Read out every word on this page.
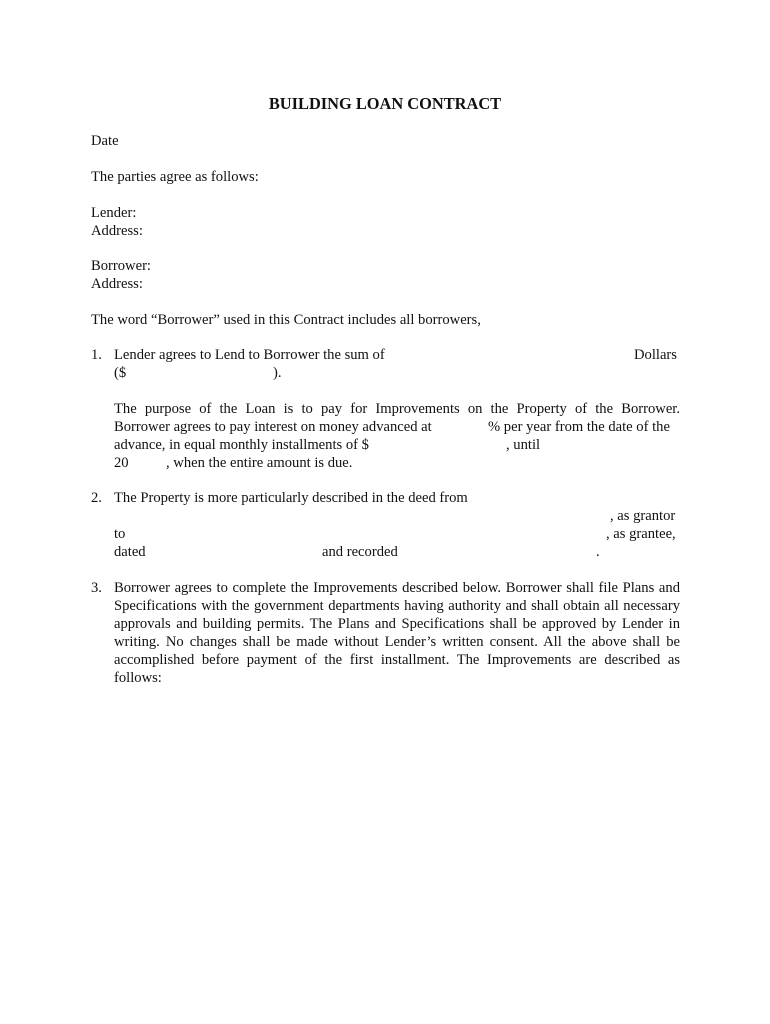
BUILDING LOAN CONTRACT
Date
The parties agree as follows:
Lender:
Address:
Borrower:
Address:
The word “Borrower” used in this Contract includes all borrowers,
1. Lender agrees to Lend to Borrower the sum of	Dollars
($	).
The purpose of the Loan is to pay for Improvements on the Property of the Borrower.
Borrower agrees to pay interest on money advanced at	% per year from the date of the
advance, in equal monthly installments of $	, until
20	, when the entire amount is due.
2. The Property is more particularly described in the deed from
, as grantor
to	, as grantee,
dated	and recorded	.
3. Borrower agrees to complete the Improvements described below. Borrower shall file Plans and Specifications with the government departments having authority and shall obtain all necessary approvals and building permits. The Plans and Specifications shall be approved by Lender in writing. No changes shall be made without Lender’s written consent. All the above shall be accomplished before payment of the first installment. The Improvements are described as follows:
